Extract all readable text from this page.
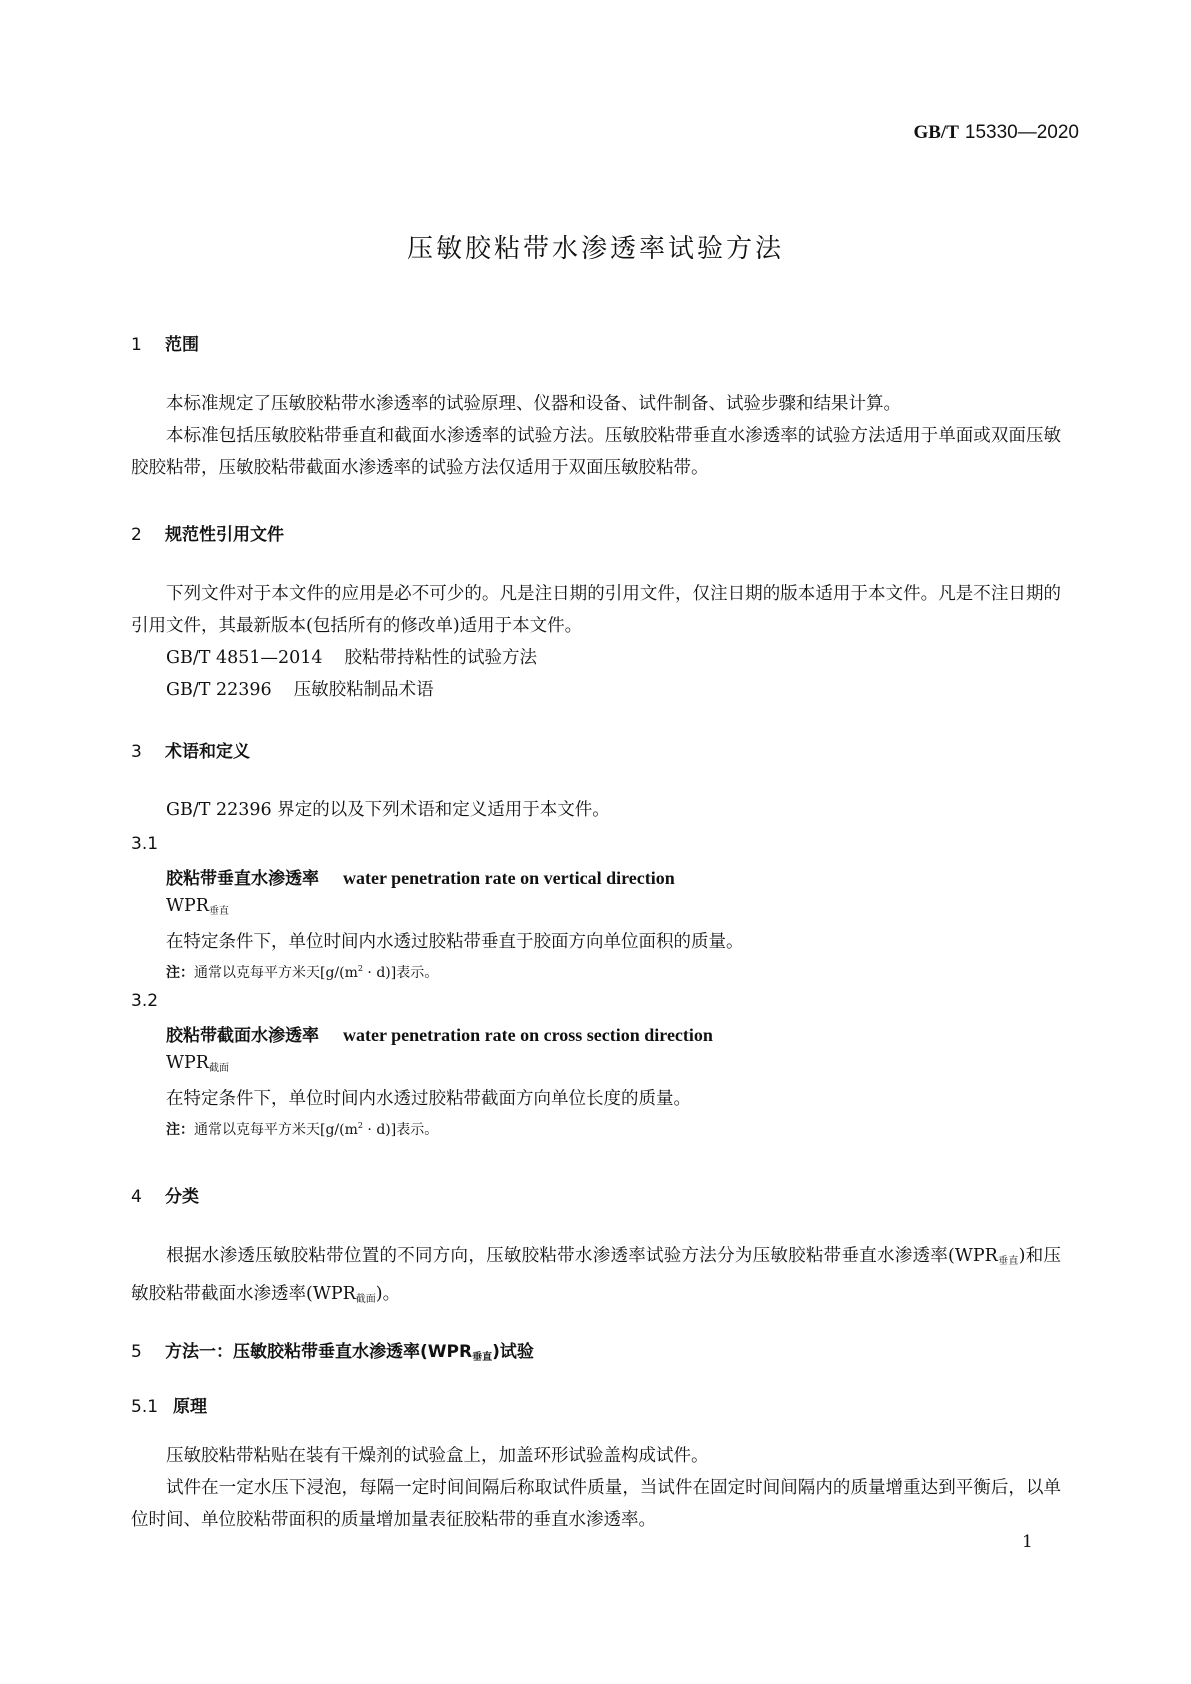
GB/T 15330—2020
压敏胶粘带水渗透率试验方法
1 范围
本标准规定了压敏胶粘带水渗透率的试验原理、仪器和设备、试件制备、试验步骤和结果计算。
本标准包括压敏胶粘带垂直和截面水渗透率的试验方法。压敏胶粘带垂直水渗透率的试验方法适用于单面或双面压敏胶胶粘带，压敏胶粘带截面水渗透率的试验方法仅适用于双面压敏胶粘带。
2 规范性引用文件
下列文件对于本文件的应用是必不可少的。凡是注日期的引用文件，仅注日期的版本适用于本文件。凡是不注日期的引用文件，其最新版本(包括所有的修改单)适用于本文件。
GB/T 4851—2014 胶粘带持粘性的试验方法
GB/T 22396 压敏胶粘制品术语
3 术语和定义
GB/T 22396 界定的以及下列术语和定义适用于本文件。
3.1
胶粘带垂直水渗透率 water penetration rate on vertical direction
$WPR_{垂直}$
在特定条件下，单位时间内水透过胶粘带垂直于胶面方向单位面积的质量。
注：通常以克每平方米天$[g/(m^2 \cdot d)]$表示。
3.2
胶粘带截面水渗透率 water penetration rate on cross section direction
$WPR_{截面}$
在特定条件下，单位时间内水透过胶粘带截面方向单位长度的质量。
注：通常以克每平方米天$[g/(m^2 \cdot d)]$表示。
4 分类
根据水渗透压敏胶粘带位置的不同方向，压敏胶粘带水渗透率试验方法分为压敏胶粘带垂直水渗透率$(WPR_{垂直})$和压敏胶粘带截面水渗透率$(WPR_{截面})$。
5 方法一：压敏胶粘带垂直水渗透率$(WPR_{垂直})$试验
5.1 原理
压敏胶粘带粘贴在装有干燥剂的试验盒上，加盖环形试验盖构成试件。
试件在一定水压下浸泡，每隔一定时间间隔后称取试件质量，当试件在固定时间间隔内的质量增重达到平衡后，以单位时间、单位胶粘带面积的质量增加量表征胶粘带的垂直水渗透率。
1
